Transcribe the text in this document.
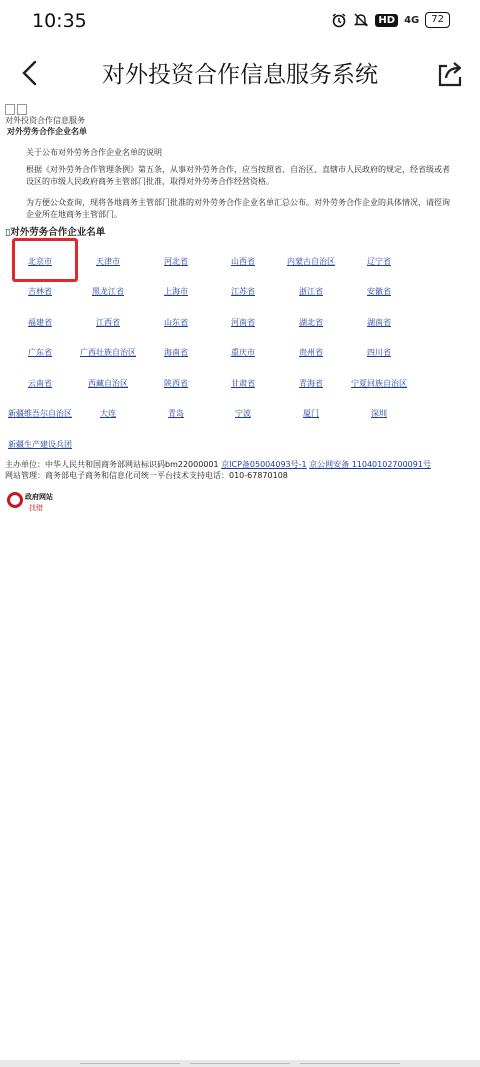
10:35	HD 4G	72
对外投资合作信息服务系统
对外投资合作信息服务
对外劳务合作企业名单
关于公布对外劳务合作企业名单的说明
根据《对外劳务合作管理条例》第五条，从事对外劳务合作，应当按照省、自治区、直辖市人民政府的规定，经省级或者设区的市级人民政府商务主管部门批准，取得对外劳务合作经营资格。
为方便公众查询，现将各地商务主管部门批准的对外劳务合作企业名单汇总公布。对外劳务合作企业的具体情况，请徑询企业所在地商务主管部门。
▯对外劳务合作企业名单
北京市	天津市	河北省	山西省	内蒙古自治区	辽宁省
吉林省	黑龙江省	上海市	江苏省	浙江省	安徽省
福建省	江西省	山东省	河南省	湖北省	湖南省
广东省	广西壮族自治区	海南省	重庆市	贵州省	四川省
云南省	西藏自治区	陕西省	甘肃省	青海省	宁夏回族自治区
新疆维吾尔自治区	大连	青岛	宁波	厦门	深圳
新疆生产建设兵团
主办单位：中华人民共和国商务部网站标识码bm22000001 京ICP备05004093号-1 京公网安备 11040102700091号
网站管理：商务部电子商务和信息化司统一平台技术支持电话：010-67870108
政府网站
找错
